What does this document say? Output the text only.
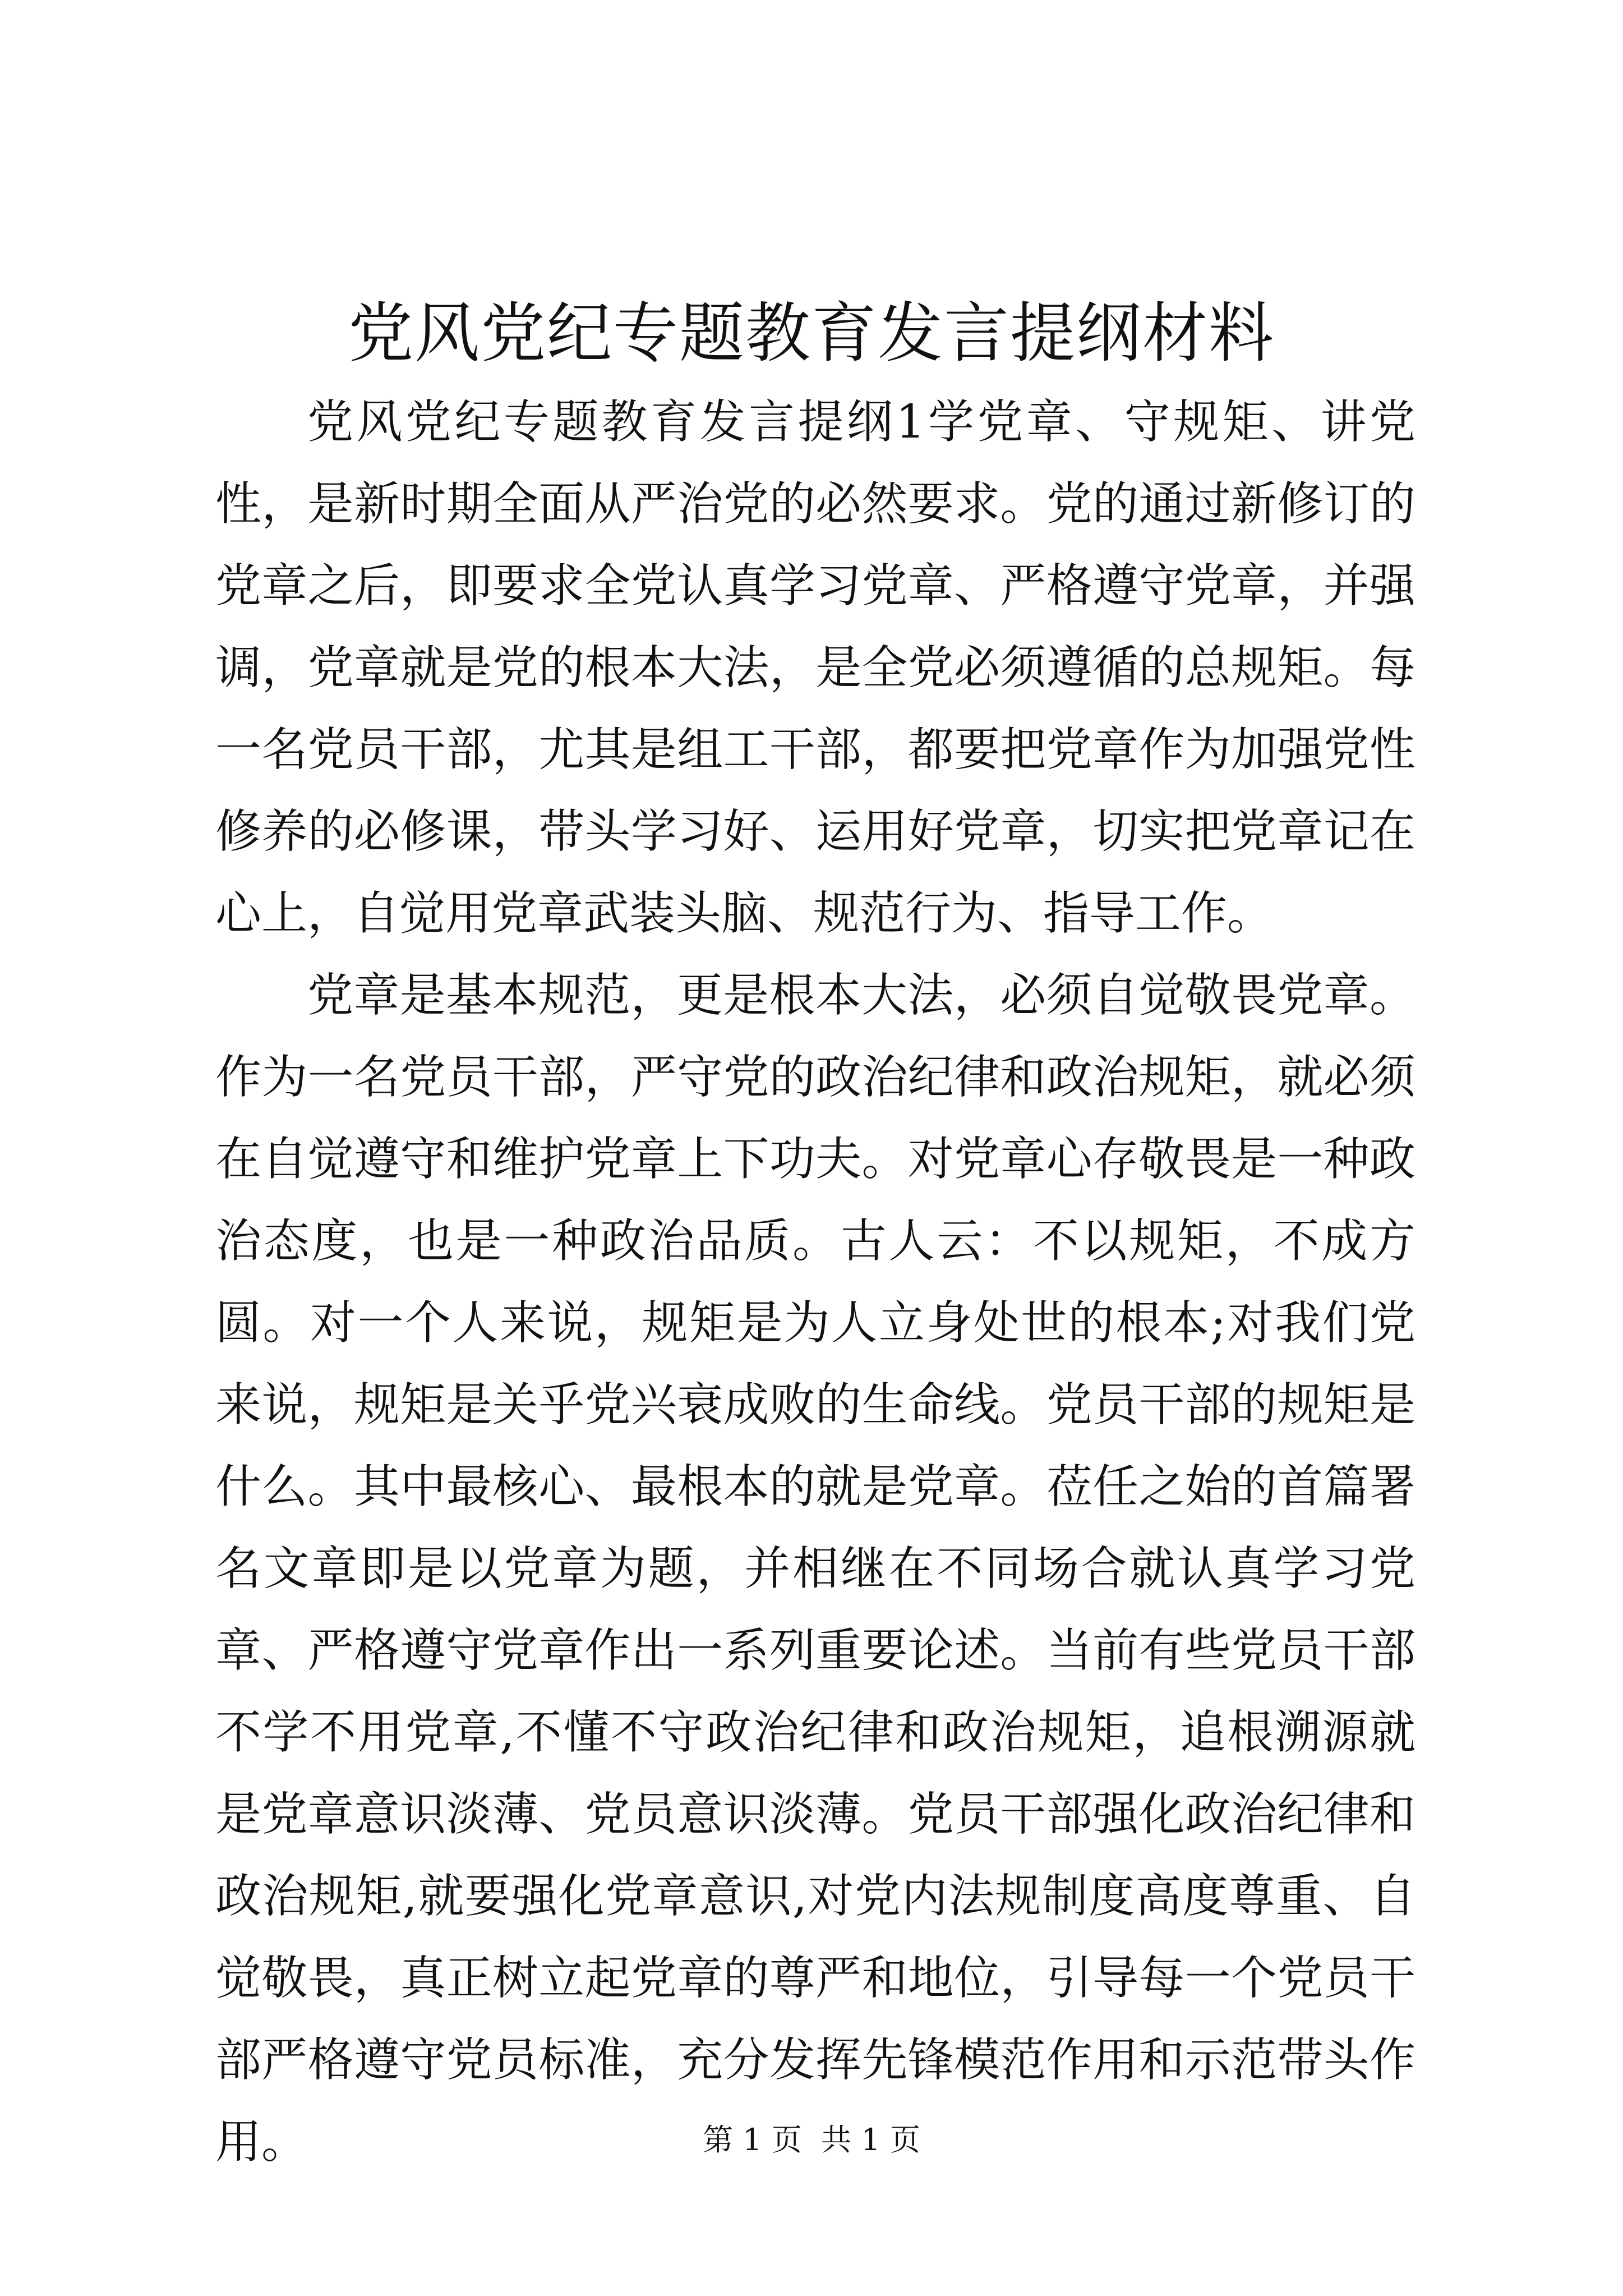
党风党纪专题教育发言提纲材料

党风党纪专题教育发言提纲1学党章、守规矩、讲党性，是新时期全面从严治党的必然要求。党的通过新修订的党章之后，即要求全党认真学习党章、严格遵守党章，并强调，党章就是党的根本大法，是全党必须遵循的总规矩。每一名党员干部，尤其是组工干部，都要把党章作为加强党性修养的必修课，带头学习好、运用好党章，切实把党章记在心上，自觉用党章武装头脑、规范行为、指导工作。

党章是基本规范，更是根本大法，必须自觉敬畏党章。作为一名党员干部，严守党的政治纪律和政治规矩，就必须在自觉遵守和维护党章上下功夫。对党章心存敬畏是一种政治态度，也是一种政治品质。古人云：不以规矩，不成方圆。对一个人来说，规矩是为人立身处世的根本;对我们党来说，规矩是关乎党兴衰成败的生命线。党员干部的规矩是什么。其中最核心、最根本的就是党章。莅任之始的首篇署名文章即是以党章为题，并相继在不同场合就认真学习党章、严格遵守党章作出一系列重要论述。当前有些党员干部不学不用党章,不懂不守政治纪律和政治规矩，追根溯源就是党章意识淡薄、党员意识淡薄。党员干部强化政治纪律和政治规矩,就要强化党章意识,对党内法规制度高度尊重、自觉敬畏，真正树立起党章的尊严和地位，引导每一个党员干部严格遵守党员标准，充分发挥先锋模范作用和示范带头作用。	第 1 页  共 1 页
